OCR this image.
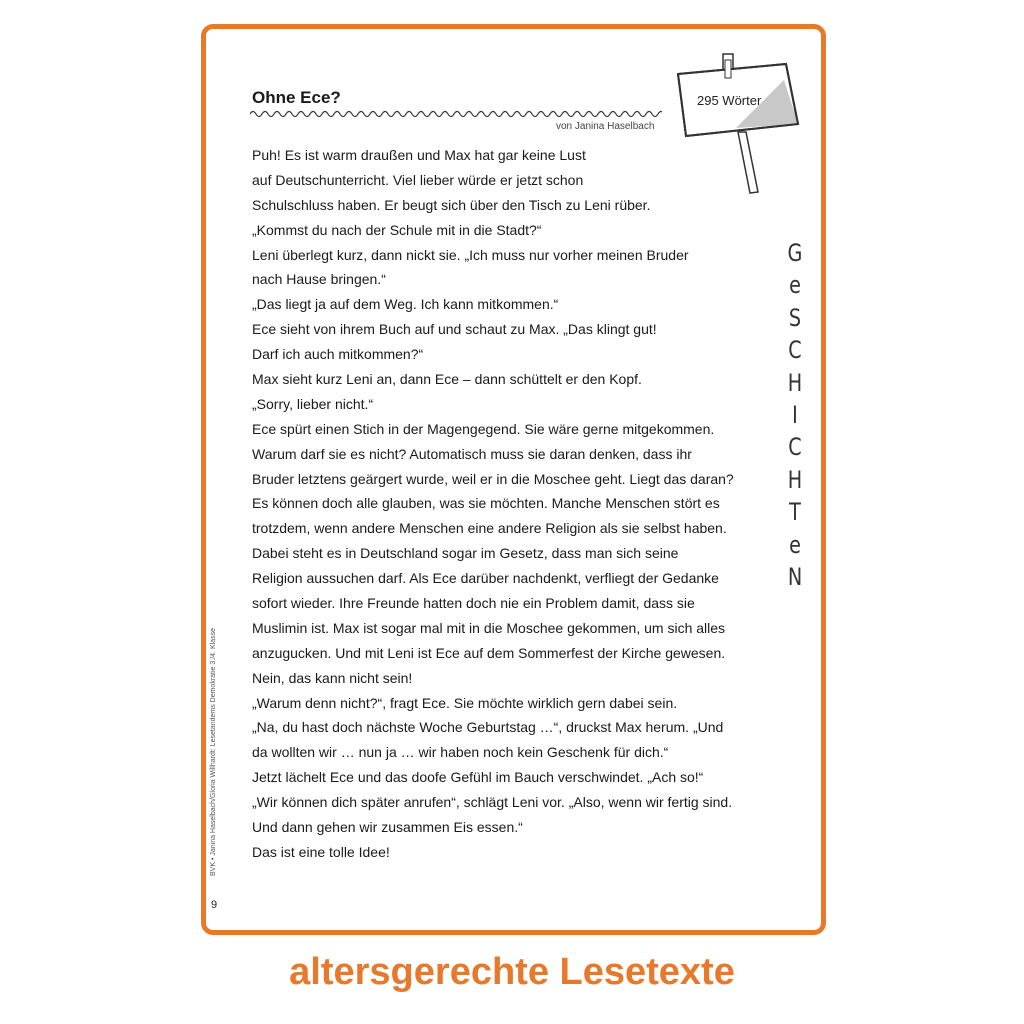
Ohne Ece?
von Janina Haselbach
295 Wörter
Puh! Es ist warm draußen und Max hat gar keine Lust
auf Deutschunterricht. Viel lieber würde er jetzt schon
Schulschluss haben. Er beugt sich über den Tisch zu Leni rüber.
„Kommst du nach der Schule mit in die Stadt?“
Leni überlegt kurz, dann nickt sie. „Ich muss nur vorher meinen Bruder
nach Hause bringen.“
„Das liegt ja auf dem Weg. Ich kann mitkommen.“
Ece sieht von ihrem Buch auf und schaut zu Max. „Das klingt gut!
Darf ich auch mitkommen?“
Max sieht kurz Leni an, dann Ece – dann schüttelt er den Kopf.
„Sorry, lieber nicht.“
Ece spürt einen Stich in der Magengegend. Sie wäre gerne mitgekommen.
Warum darf sie es nicht? Automatisch muss sie daran denken, dass ihr
Bruder letztens geärgert wurde, weil er in die Moschee geht. Liegt das daran?
Es können doch alle glauben, was sie möchten. Manche Menschen stört es
trotzdem, wenn andere Menschen eine andere Religion als sie selbst haben.
Dabei steht es in Deutschland sogar im Gesetz, dass man sich seine
Religion aussuchen darf. Als Ece darüber nachdenkt, verfliegt der Gedanke
sofort wieder. Ihre Freunde hatten doch nie ein Problem damit, dass sie
Muslimin ist. Max ist sogar mal mit in die Moschee gekommen, um sich alles
anzugucken. Und mit Leni ist Ece auf dem Sommerfest der Kirche gewesen.
Nein, das kann nicht sein!
„Warum denn nicht?“, fragt Ece. Sie möchte wirklich gern dabei sein.
„Na, du hast doch nächste Woche Geburtstag …“, druckst Max herum. „Und
da wollten wir … nun ja … wir haben noch kein Geschenk für dich.“
Jetzt lächelt Ece und das doofe Gefühl im Bauch verschwindet. „Ach so!“
„Wir können dich später anrufen“, schlägt Leni vor. „Also, wenn wir fertig sind.
Und dann gehen wir zusammen Eis essen.“
Das ist eine tolle Idee!
G
e
S
C
H
I
C
H
T
e
N
BVK • Janina Haselbach/Gloria Willhardt: Lesetandems Demokratie 3./4. Klasse
9

altersgerechte Lesetexte
